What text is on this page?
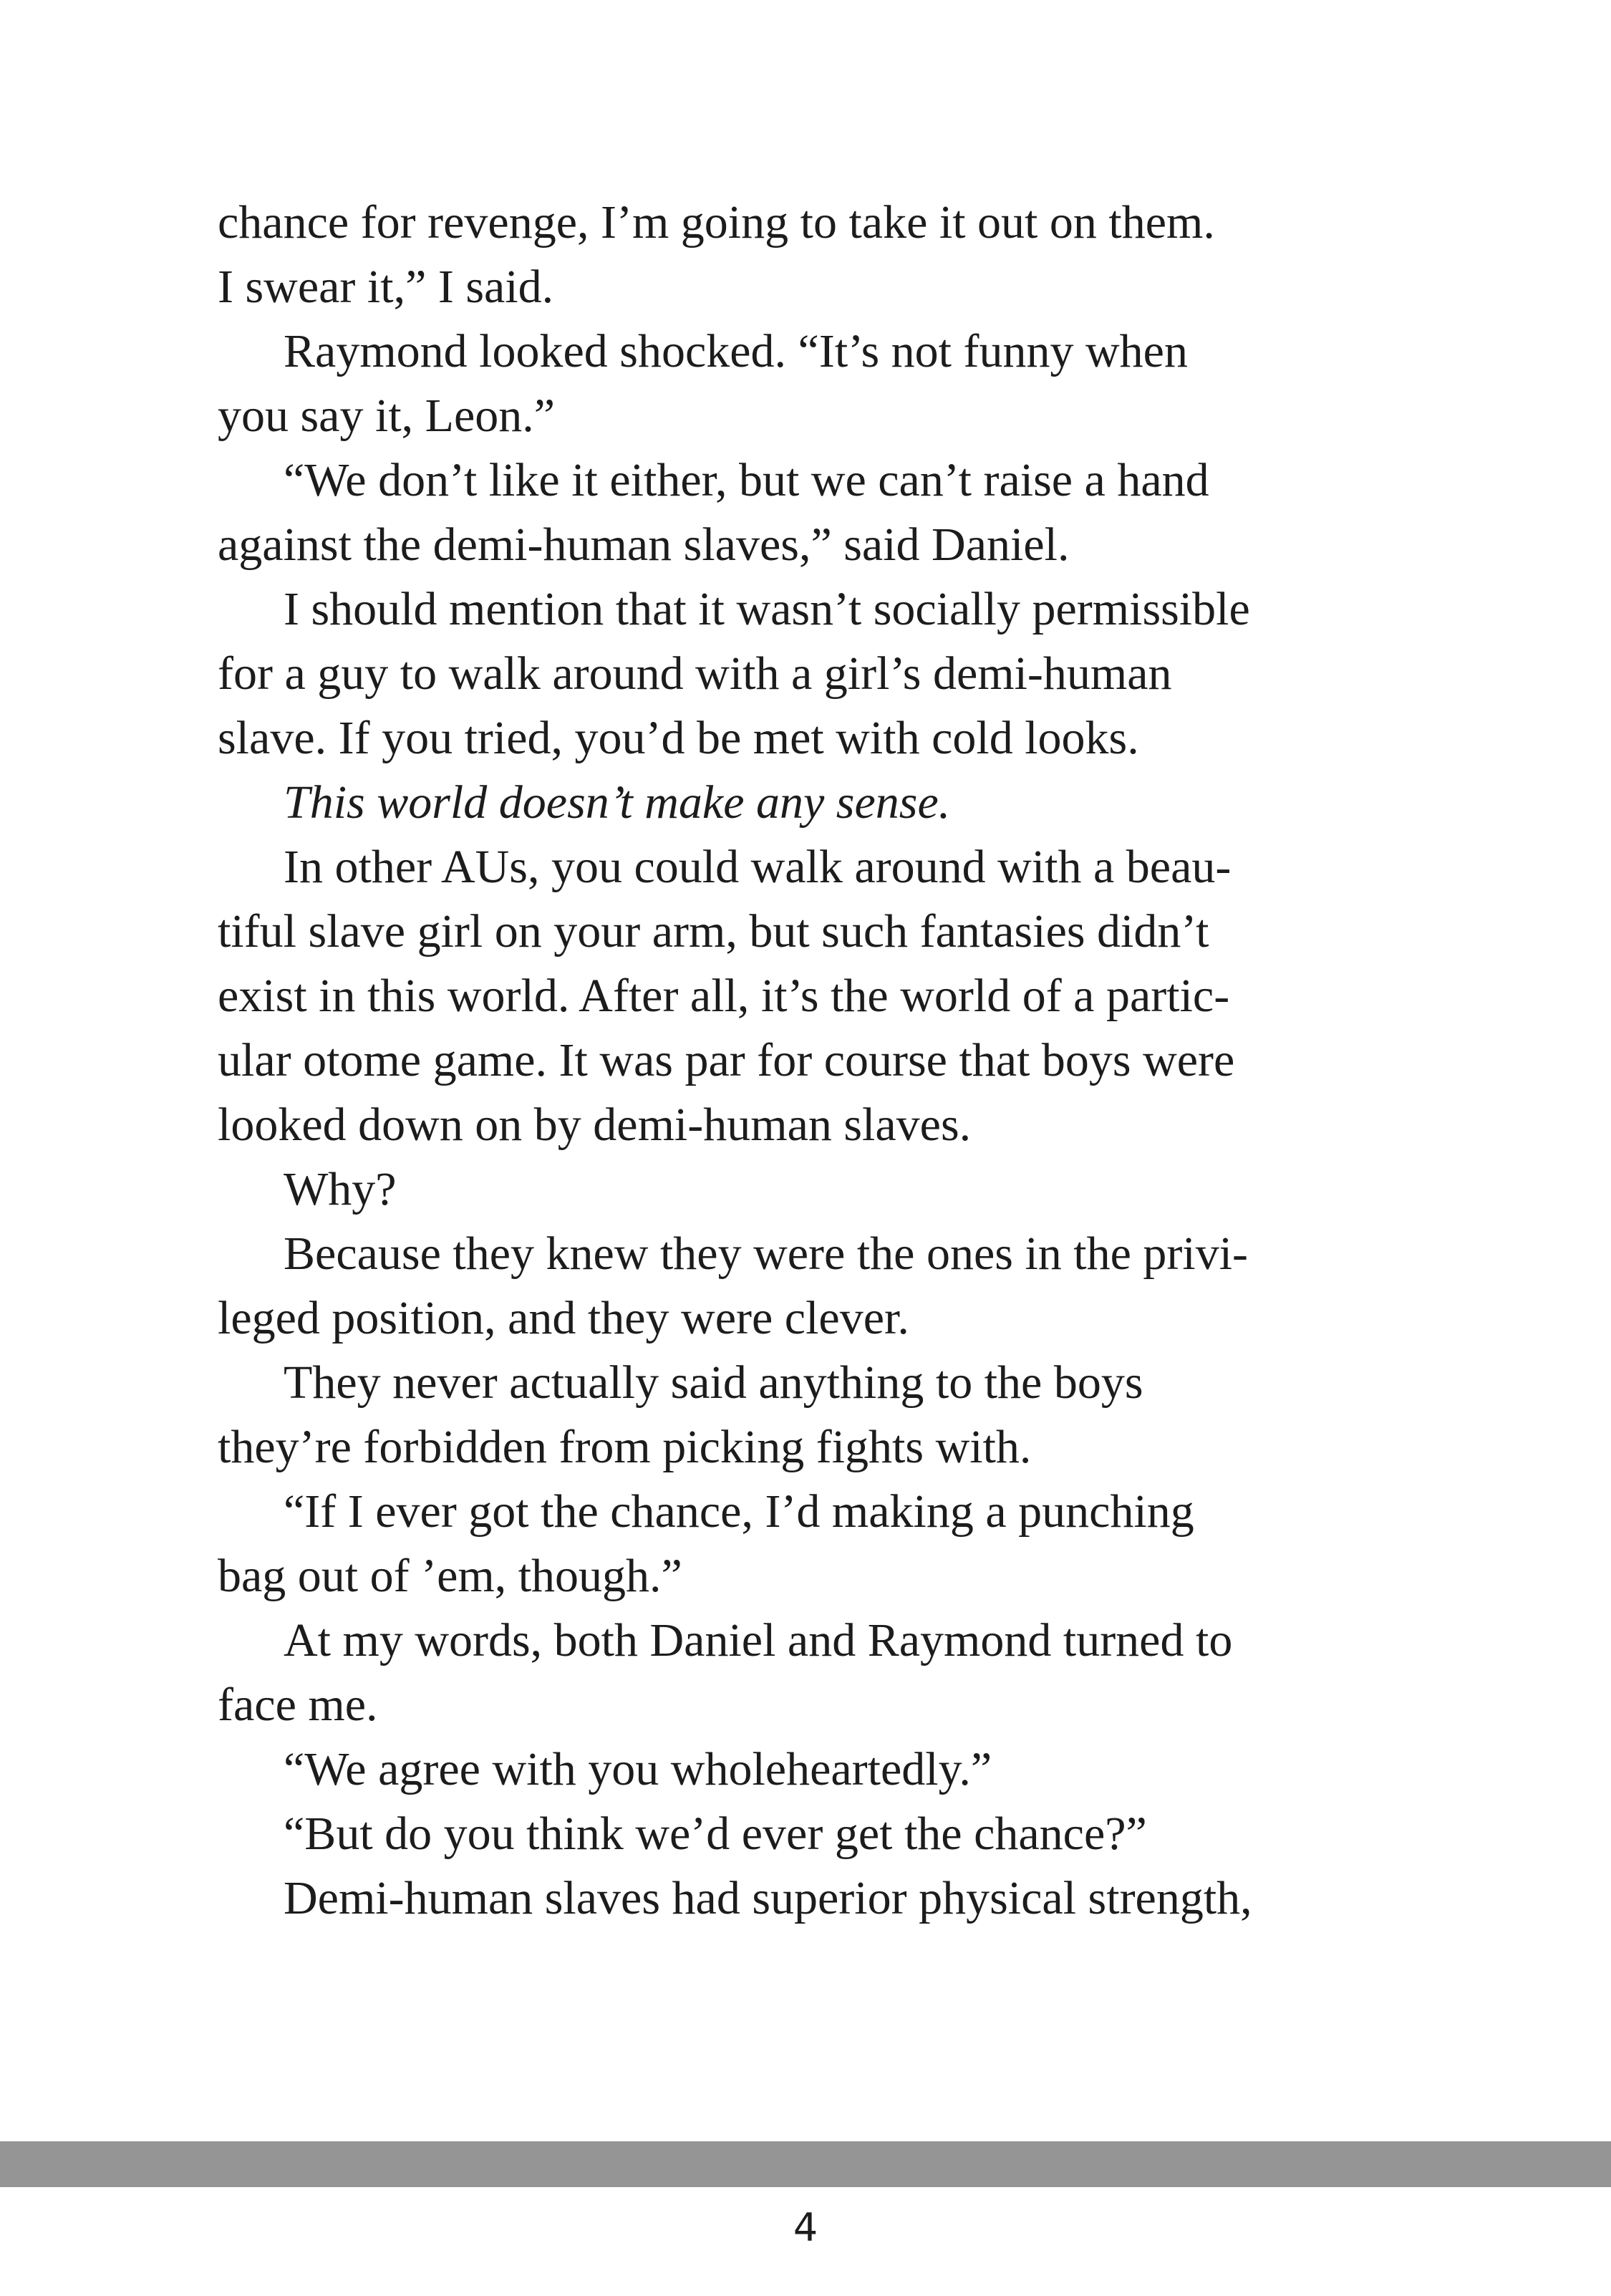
chance for revenge, I’m going to take it out on them.
I swear it,” I said.
Raymond looked shocked. “It’s not funny when
you say it, Leon.”
“We don’t like it either, but we can’t raise a hand
against the demi-human slaves,” said Daniel.
I should mention that it wasn’t socially permissible
for a guy to walk around with a girl’s demi-human
slave. If you tried, you’d be met with cold looks.
This world doesn’t make any sense.
In other AUs, you could walk around with a beau-
tiful slave girl on your arm, but such fantasies didn’t
exist in this world. After all, it’s the world of a partic-
ular otome game. It was par for course that boys were
looked down on by demi-human slaves.
Why?
Because they knew they were the ones in the privi-
leged position, and they were clever.
They never actually said anything to the boys
they’re forbidden from picking fights with.
“If I ever got the chance, I’d making a punching
bag out of ’em, though.”
At my words, both Daniel and Raymond turned to
face me.
“We agree with you wholeheartedly.”
“But do you think we’d ever get the chance?”
Demi-human slaves had superior physical strength,
4
